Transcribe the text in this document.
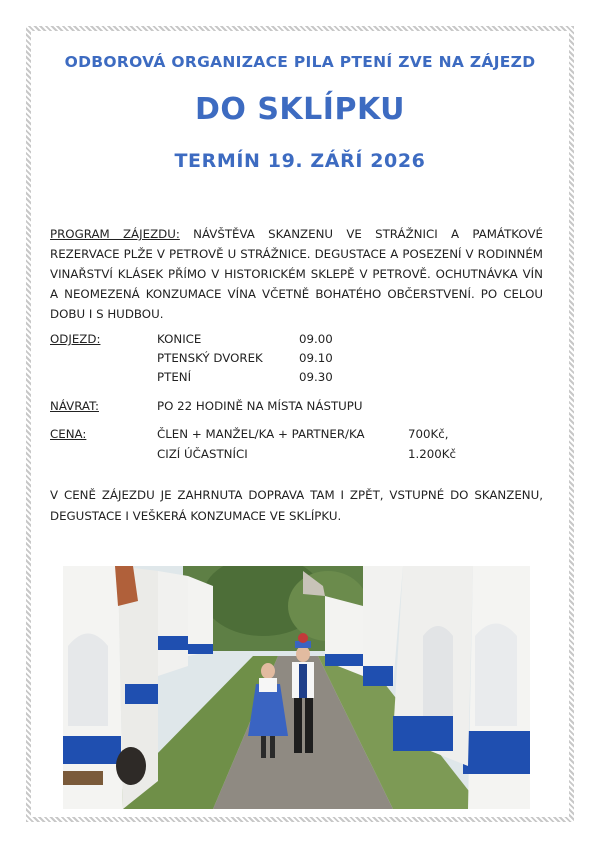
ODBOROVÁ ORGANIZACE PILA PTENÍ ZVE NA ZÁJEZD
DO SKLÍPKU
TERMÍN 19. ZÁŘÍ 2026
PROGRAM ZÁJEZDU: NÁVŠTĚVA SKANZENU VE STRÁŽNICI A PAMÁTKOVÉ REZERVACE PLŽE V PETROVĚ U STRÁŽNICE. DEGUSTACE A POSEZENÍ V RODINNÉM VINAŘSTVÍ KLÁSEK PŘÍMO V HISTORICKÉM SKLEPĚ V PETROVĚ. OCHUTNÁVKA VÍN A NEOMEZENÁ KONZUMACE VÍNA VČETNĚ BOHATÉHO OBČERSTVENÍ. PO CELOU DOBU I S HUDBOU.
ODJEZD:	KONICE	09.00
PTENSKÝ DVOREK	09.10
PTENÍ	09.30
NÁVRAT:	PO 22 HODINĚ NA MÍSTA NÁSTUPU
CENA:	ČLEN + MANŽEL/KA + PARTNER/KA	700Kč,
CIZÍ ÚČASTNÍCI	1.200Kč
V CENĚ ZÁJEZDU JE ZAHRNUTA DOPRAVA TAM I ZPĚT, VSTUPNÉ DO SKANZENU, DEGUSTACE I VEŠKERÁ KONZUMACE VE SKLÍPKU.
